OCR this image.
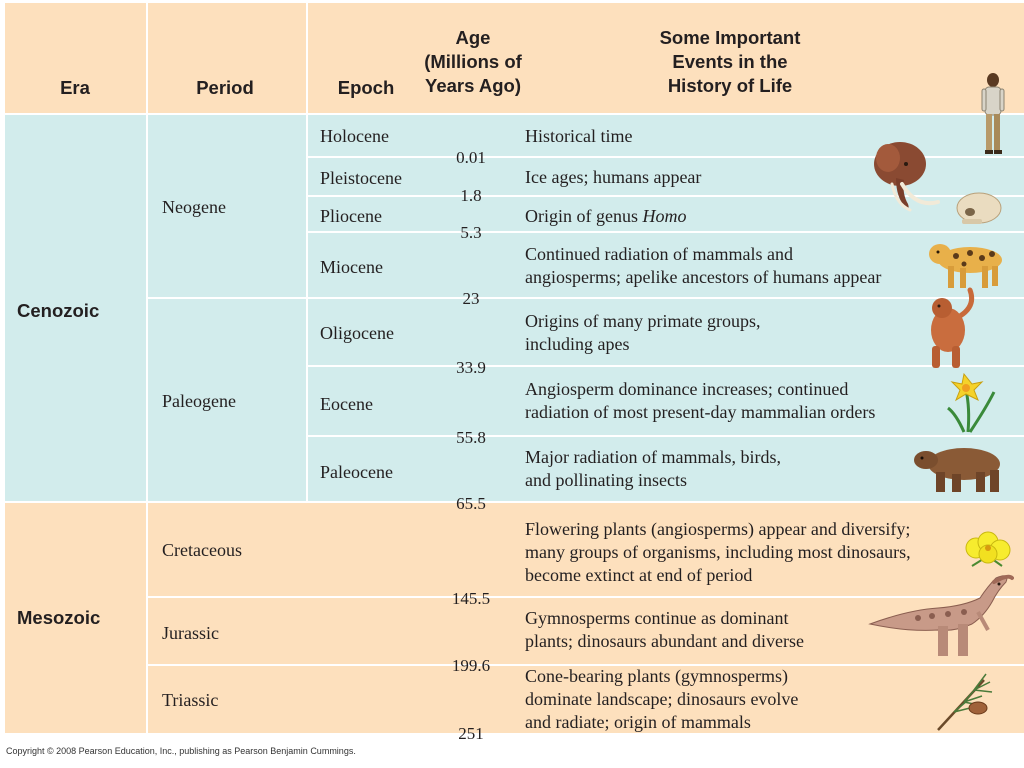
Era	Period	Epoch
Age
(Millions of
Years Ago)
Some Important
Events in the
History of Life
Cenozoic
Mesozoic
Neogene
Paleogene
Cretaceous
Jurassic
Triassic
Holocene
Pleistocene
Pliocene
Miocene
Oligocene
Eocene
Paleocene
0.01
1.8
5.3
23
33.9
55.8
65.5
145.5
199.6
251
Historical time
Ice ages; humans appear
Origin of genus Homo
Continued radiation of mammals and
angiosperms; apelike ancestors of humans appear
Origins of many primate groups,
including apes
Angiosperm dominance increases; continued
radiation of most present-day mammalian orders
Major radiation of mammals, birds,
and pollinating insects
Flowering plants (angiosperms) appear and diversify;
many groups of organisms, including most dinosaurs,
become extinct at end of period
Gymnosperms continue as dominant
plants; dinosaurs abundant and diverse
Cone-bearing plants (gymnosperms)
dominate landscape; dinosaurs evolve
and radiate; origin of mammals
Copyright © 2008 Pearson Education, Inc., publishing as Pearson Benjamin Cummings.
